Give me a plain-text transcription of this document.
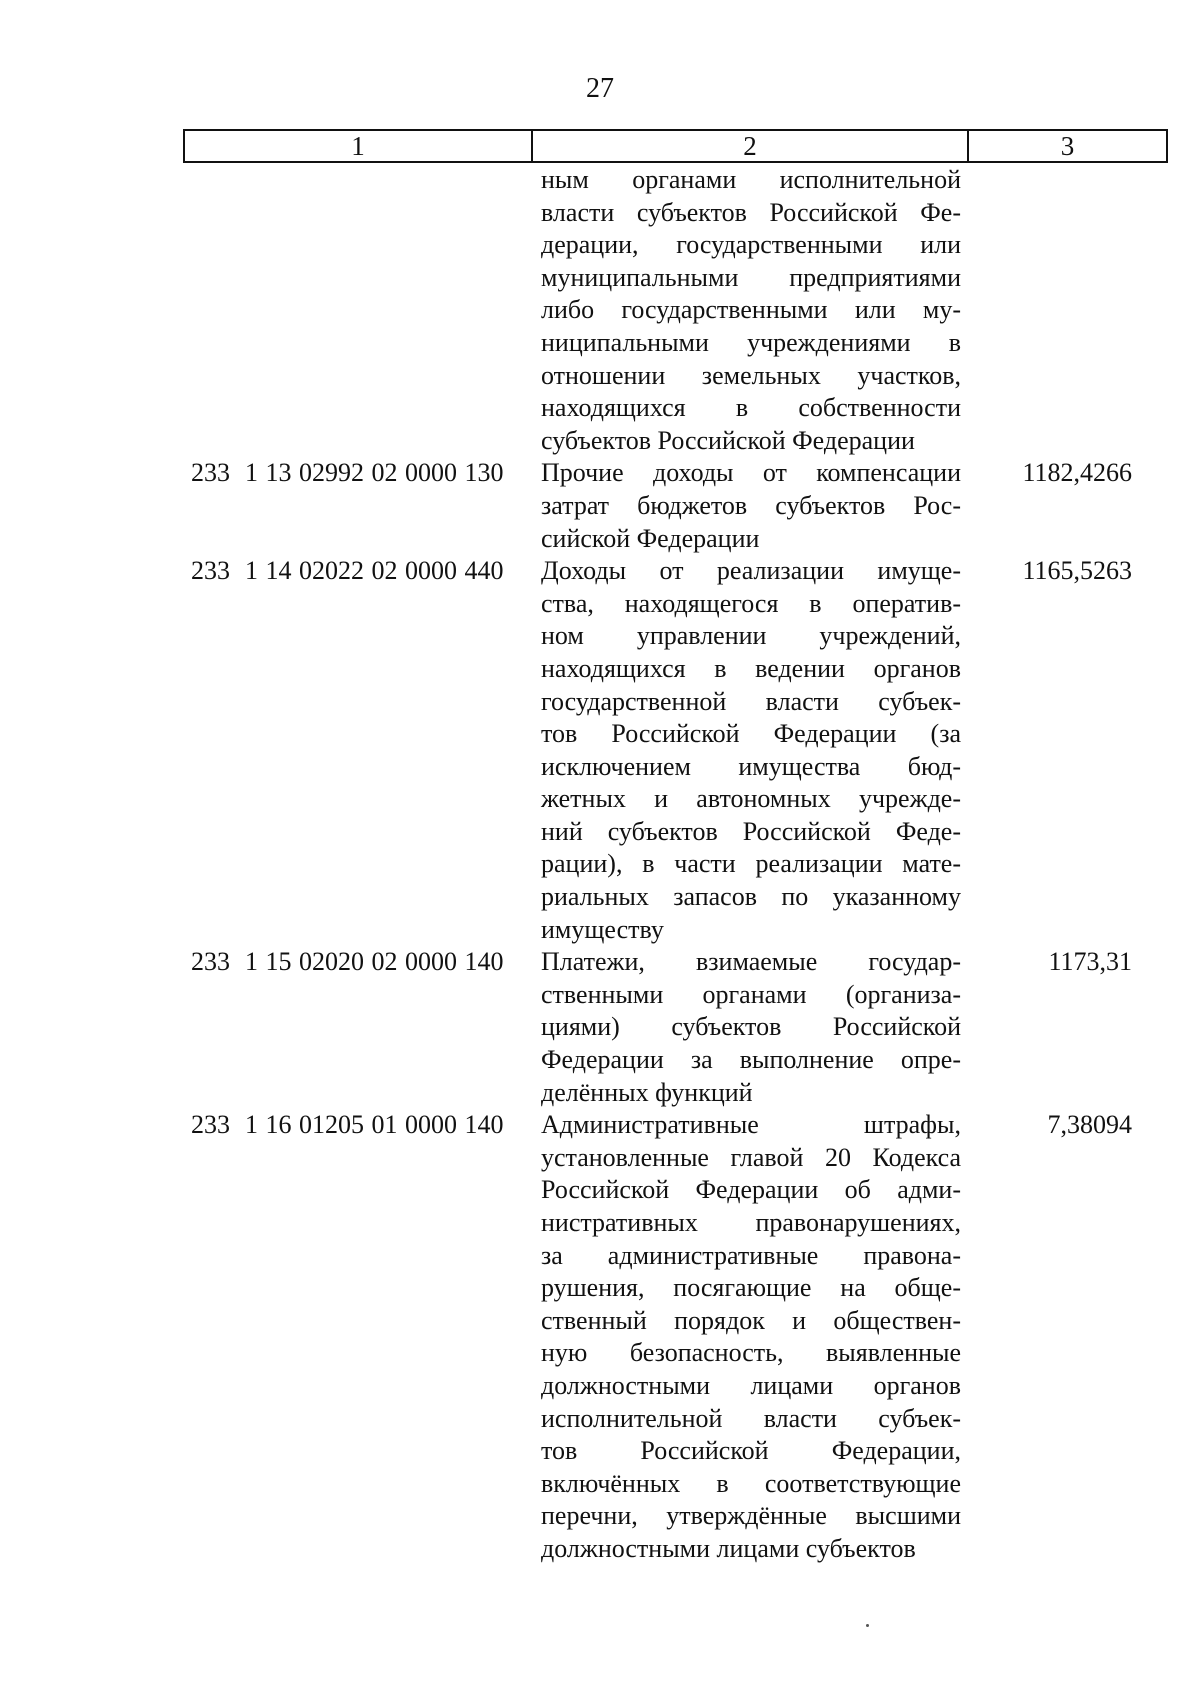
27
1	2	3
ным органами исполнительной
власти субъектов Российской Фе-
дерации, государственными или
муниципальными предприятиями
либо государственными или му-
ниципальными учреждениями в
отношении земельных участков,
находящихся в собственности
субъектов Российской Федерации
233  1 13 02992 02 0000 130	Прочие доходы от компенсации
затрат бюджетов субъектов Рос-
сийской Федерации
1182,4266
233  1 14 02022 02 0000 440	Доходы от реализации имуще-
ства, находящегося в оператив-
ном управлении учреждений,
находящихся в ведении органов
государственной власти субъек-
тов Российской Федерации (за
исключением имущества бюд-
жетных и автономных учрежде-
ний субъектов Российской Феде-
рации), в части реализации мате-
риальных запасов по указанному
имуществу
1165,5263
233  1 15 02020 02 0000 140	Платежи, взимаемые государ-
ственными органами (организа-
циями) субъектов Российской
Федерации за выполнение опре-
делённых функций
1173,31
233  1 16 01205 01 0000 140	Административные штрафы,
установленные главой 20 Кодекса
Российской Федерации об адми-
нистративных правонарушениях,
за административные правона-
рушения, посягающие на обще-
ственный порядок и обществен-
ную безопасность, выявленные
должностными лицами органов
исполнительной власти субъек-
тов Российской Федерации,
включённых в соответствующие
перечни, утверждённые высшими
должностными лицами субъектов
7,38094
